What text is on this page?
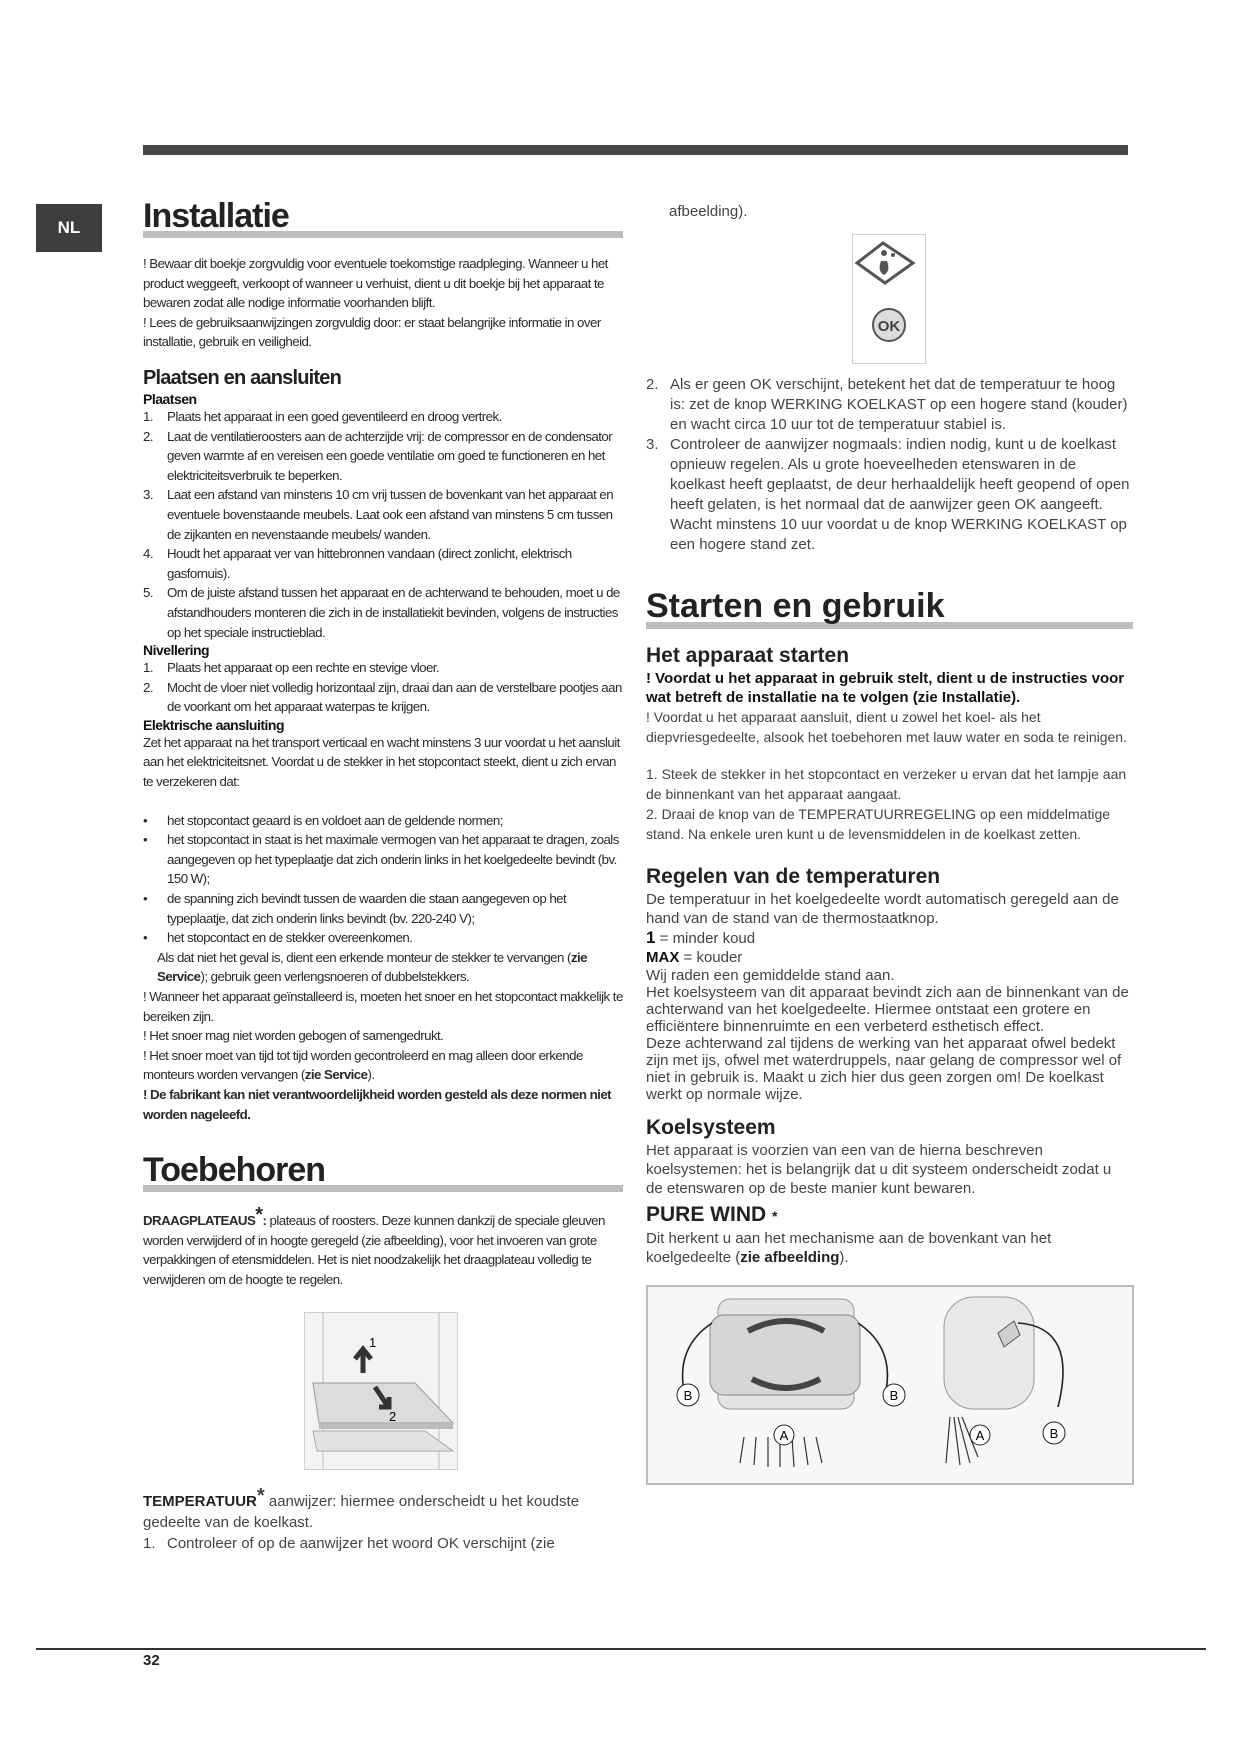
NL	Installatie

! Bewaar dit boekje zorgvuldig voor eventuele toekomstige raadpleging. Wanneer u het product weggeeft, verkoopt of wanneer u verhuist, dient u dit boekje bij het apparaat te bewaren zodat alle nodige informatie voorhanden blijft.

! Lees de gebruiksaanwijzingen zorgvuldig door: er staat belangrijke informatie in over installatie, gebruik en veiligheid.

Plaatsen en aansluiten
Plaatsen
1.	Plaats het apparaat in een goed geventileerd en droog vertrek.
2.	Laat de ventilatieroosters aan de achterzijde vrij: de compressor en de condensator geven warmte af en vereisen een goede ventilatie om goed te functioneren en het elektriciteitsverbruik te beperken.
3.	Laat een afstand van minstens 10 cm vrij tussen de bovenkant van het apparaat en eventuele bovenstaande meubels. Laat ook een afstand van minstens 5 cm tussen de zijkanten en nevenstaande meubels/ wanden.
4.	Houdt het apparaat ver van hittebronnen vandaan (direct zonlicht, elektrisch gasfornuis).
5.	Om de juiste afstand tussen het apparaat en de achterwand te behouden, moet u de afstandhouders monteren die zich in de installatiekit bevinden, volgens de instructies op het speciale instructieblad.
Nivellering
1.	Plaats het apparaat op een rechte en stevige vloer.
2.	Mocht de vloer niet volledig horizontaal zijn, draai dan aan de verstelbare pootjes aan de voorkant om het apparaat waterpas te krijgen.
Elektrische aansluiting

Zet het apparaat na het transport verticaal en wacht minstens 3 uur voordat u het aansluit aan het elektriciteitsnet. Voordat u de stekker in het stopcontact steekt, dient u zich ervan te verzekeren dat:

• het stopcontact geaard is en voldoet aan de geldende normen;
• het stopcontact in staat is het maximale vermogen van het apparaat te dragen, zoals aangegeven op het typeplaatje dat zich onderin links in het koelgedeelte bevindt (bv. 150 W);
• de spanning zich bevindt tussen de waarden die staan aangegeven op het typeplaatje, dat zich onderin links bevindt (bv. 220-240 V);
• het stopcontact en de stekker overeenkomen.

Als dat niet het geval is, dient een erkende monteur de stekker te vervangen (zie Service); gebruik geen verlengsnoeren of dubbelstekkers.

! Wanneer het apparaat geïnstalleerd is, moeten het snoer en het stopcontact makkelijk te bereiken zijn.

! Het snoer mag niet worden gebogen of samengedrukt.

! Het snoer moet van tijd tot tijd worden gecontroleerd en mag alleen door erkende monteurs worden vervangen (zie Service).

! De fabrikant kan niet verantwoordelijkheid worden gesteld als deze normen niet worden nageleefd.

Toebehoren

DRAAGPLATEAUS*: plateaus of roosters. Deze kunnen dankzij de speciale gleuven worden verwijderd of in hoogte geregeld (zie afbeelding), voor het invoeren van grote verpakkingen of etensmiddelen. Het is niet noodzakelijk het draagplateau volledig te verwijderen om de hoogte te regelen.

1
2

TEMPERATUUR* aanwijzer: hiermee onderscheidt u het koudste gedeelte van de koelkast.

1. Controleer of op de aanwijzer het woord OK verschijnt (zie

afbeelding).

OK
2. Als er geen OK verschijnt, betekent het dat de temperatuur te hoog is: zet de knop WERKING KOELKAST op een hogere stand (kouder) en wacht circa 10 uur tot de temperatuur stabiel is.
3. Controleer de aanwijzer nogmaals: indien nodig, kunt u de koelkast opnieuw regelen. Als u grote hoeveelheden etenswaren in de koelkast heeft geplaatst, de deur herhaaldelijk heeft geopend of open heeft gelaten, is het normaal dat de aanwijzer geen OK aangeeft. Wacht minstens 10 uur voordat u de knop WERKING KOELKAST op een hogere stand zet.
Starten en gebruik
Het apparaat starten

! Voordat u het apparaat in gebruik stelt, dient u de instructies voor wat betreft de installatie na te volgen (zie Installatie).

! Voordat u het apparaat aansluit, dient u zowel het koel- als het diepvriesgedeelte, alsook het toebehoren met lauw water en soda te reinigen.

1. Steek de stekker in het stopcontact en verzeker u ervan dat het lampje aan de binnenkant van het apparaat aangaat.

2. Draai de knop van de TEMPERATUURREGELING op een middelmatige stand. Na enkele uren kunt u de levensmiddelen in de koelkast zetten.

Regelen van de temperaturen

De temperatuur in het koelgedeelte wordt automatisch geregeld aan de hand van de stand van de thermostaatknop.

1 = minder koud

MAX = kouder

Wij raden een gemiddelde stand aan.

Het koelsysteem van dit apparaat bevindt zich aan de binnenkant van de achterwand van het koelgedeelte. Hiermee ontstaat een grotere en efficiëntere binnenruimte en een verbeterd esthetisch effect.

Deze achterwand zal tijdens de werking van het apparaat ofwel bedekt zijn met ijs, ofwel met waterdruppels, naar gelang de compressor wel of niet in gebruik is. Maakt u zich hier dus geen zorgen om! De koelkast werkt op normale wijze.

Koelsysteem

Het apparaat is voorzien van een van de hierna beschreven koelsystemen: het is belangrijk dat u dit systeem onderscheidt zodat u de etenswaren op de beste manier kunt bewaren.

PURE WIND *

Dit herkent u aan het mechanisme aan de bovenkant van het koelgedeelte (zie afbeelding).

B	B
A	A	B
32
